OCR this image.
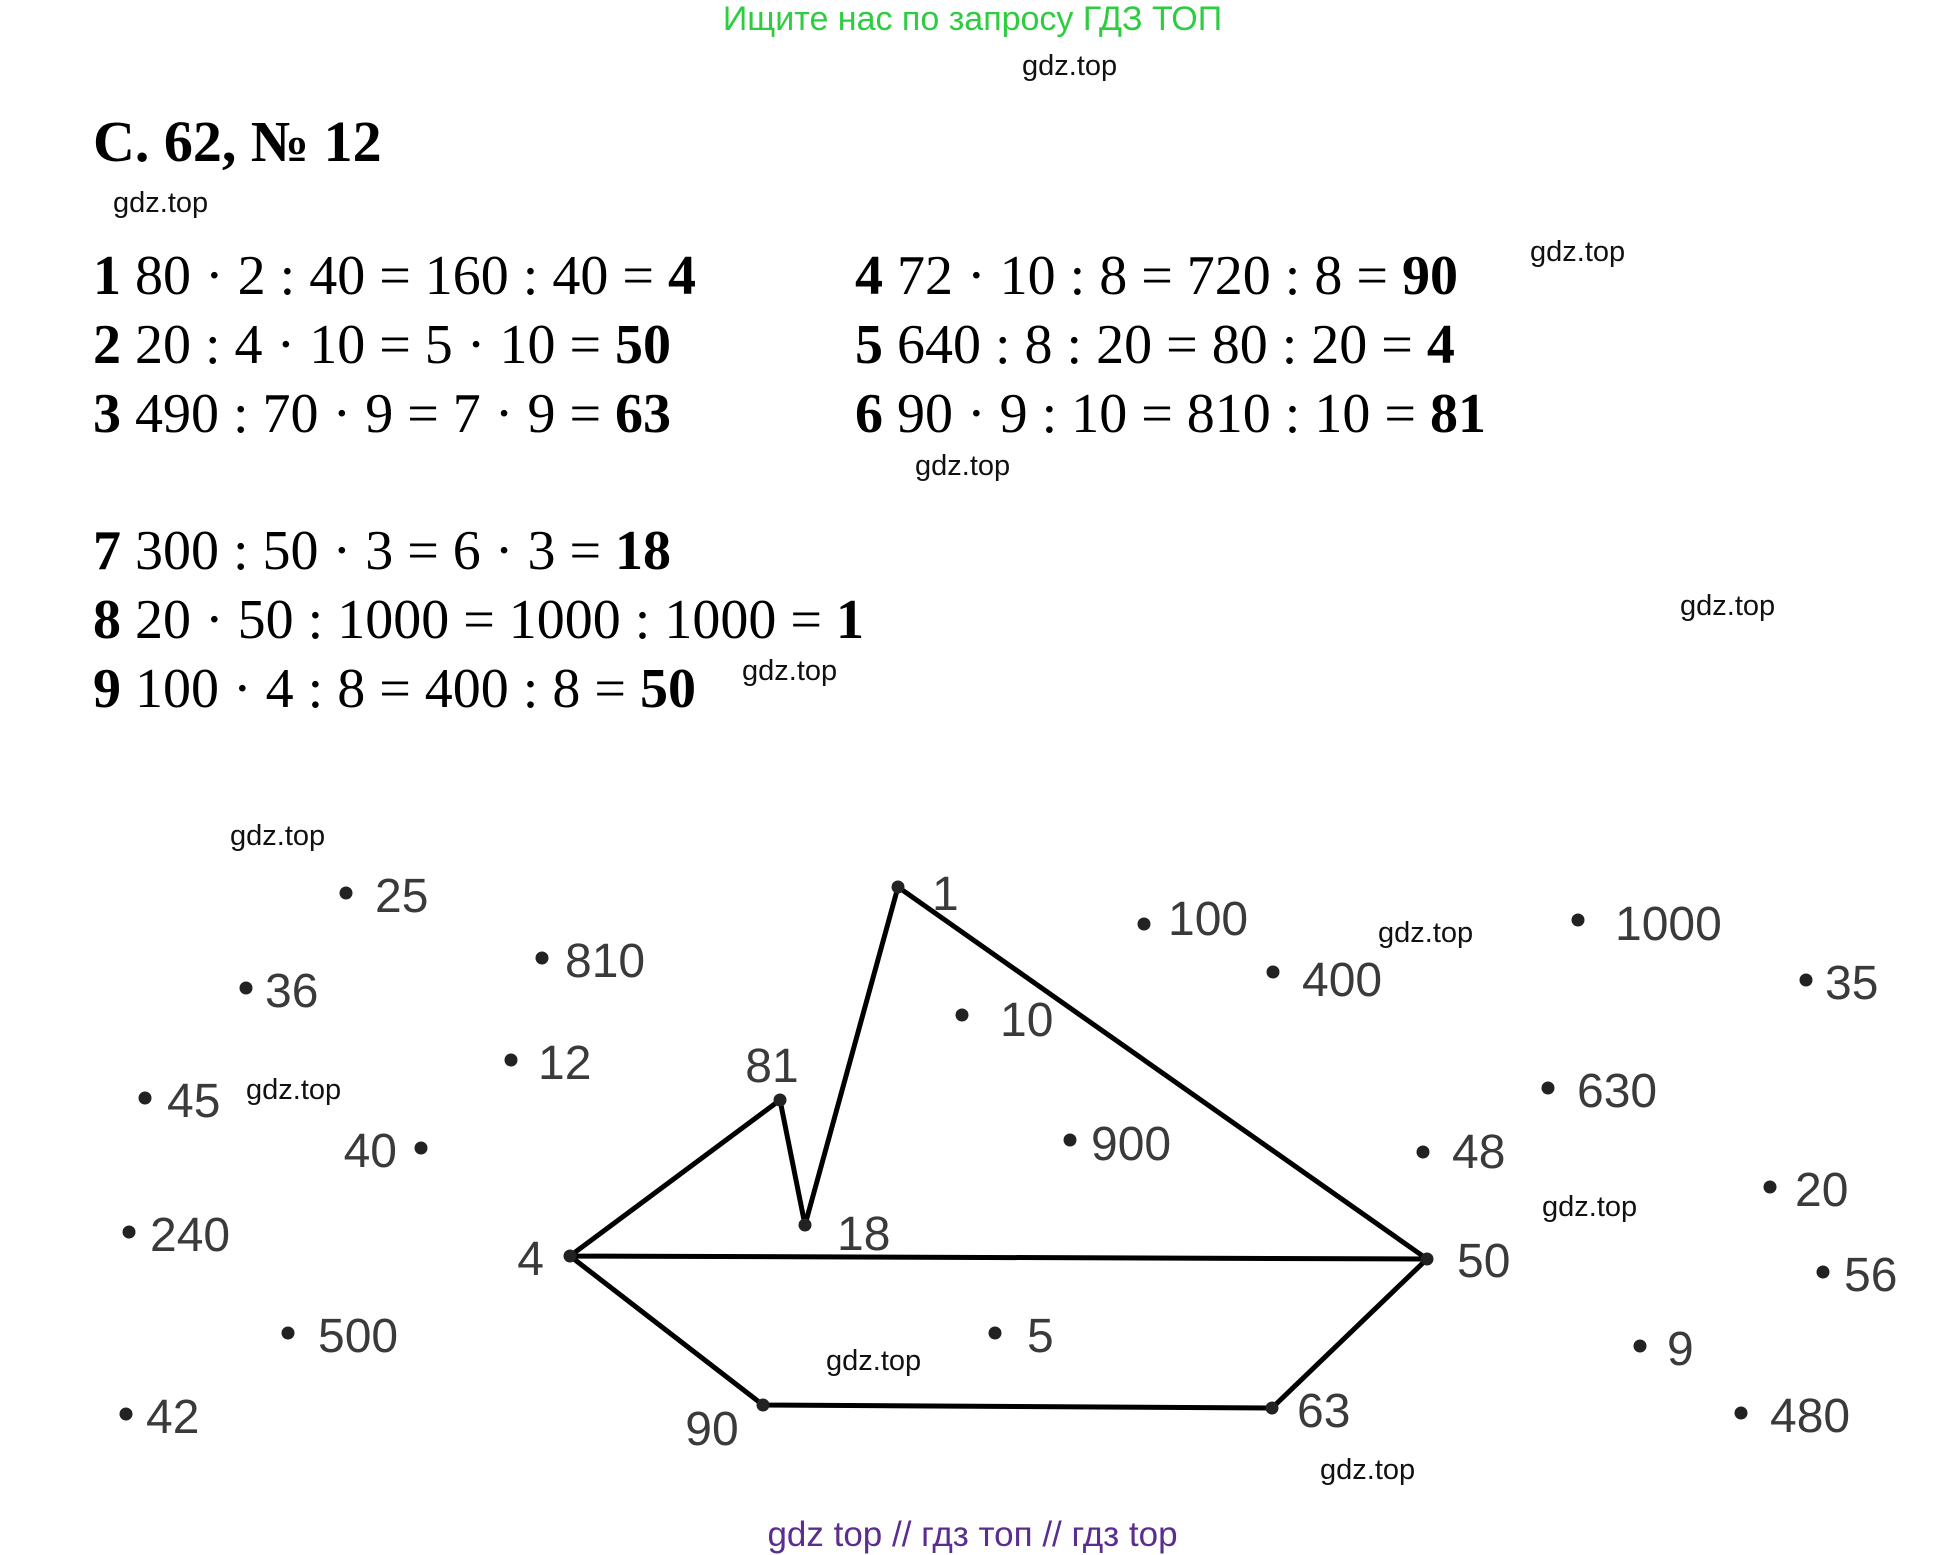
Ищите нас по запросу ГДЗ ТОП
gdz.top
gdz.top
gdz.top
gdz.top
gdz.top
gdz.top
gdz.top
gdz.top
gdz.top
gdz.top
gdz.top
gdz.top
С. 62, № 12
1 80 · 2 : 40 = 160 : 40 = 4
2 20 : 4 · 10 = 5 · 10 = 50
3 490 : 70 · 9 = 7 · 9 = 63
4 72 · 10 : 8 = 720 : 8 = 90
5 640 : 8 : 20 = 80 : 20 = 4
6 90 · 9 : 10 = 810 : 10 = 81
7 300 : 50 · 3 = 6 · 3 = 18
8 20 · 50 : 1000 = 1000 : 1000 = 1
9 100 · 4 : 8 = 400 : 8 = 50
25
36
810
12
45
40
240
500
42
81
4	18
90
1
10
900
5
100
400
48
50
63
1000
35
630
20
56
9
480
gdz top // гдз топ // гдз top
